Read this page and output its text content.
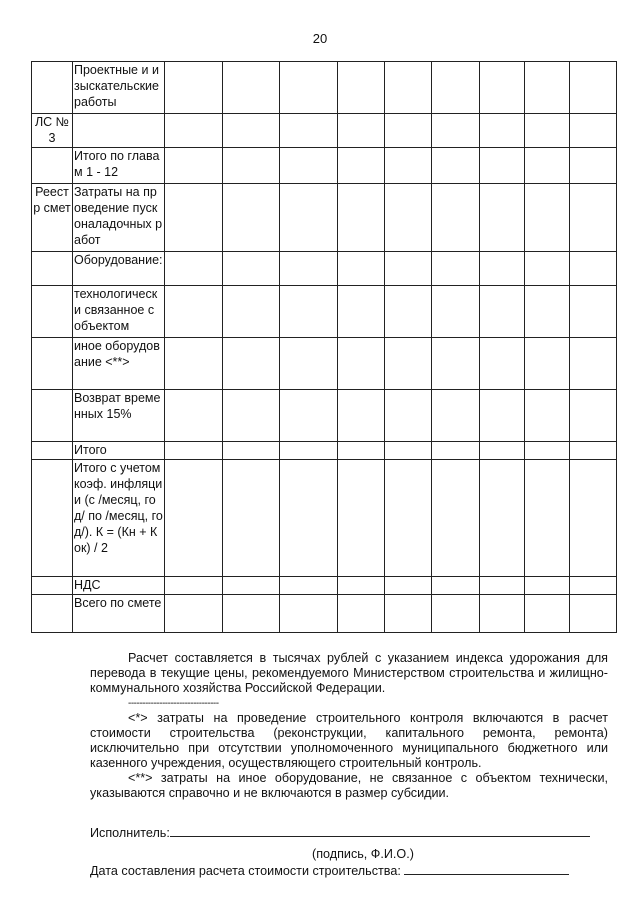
20
	Проектные и изыскательские работы									
ЛС № 3										
	Итого по главам 1 - 12									
Реестр смет	Затраты на проведение пусконаладочных работ									
	Оборудование:									
	технологически связанное с объектом									
	иное оборудование <**>									
	Возврат временных 15%									
	Итого									
	Итого с учетом коэф. инфляции (с /месяц, год/ по /месяц, год/). К = (Кн + Кок) / 2									
	НДС									
	Всего по смете									

Расчет составляется в тысячах рублей с указанием индекса удорожания для перевода в текущие цены, рекомендуемого Министерством строительства и жилищно-коммунального хозяйства Российской Федерации.

--------------------------------

<*> затраты на проведение строительного контроля включаются в расчет стоимости строительства (реконструкции, капитального ремонта, ремонта) исключительно при отсутствии уполномоченного муниципального бюджетного или казенного учреждения, осуществляющего строительный контроль.

<**> затраты на иное оборудование, не связанное с объектом технически, указываются справочно и не включаются в размер субсидии.

Исполнитель:
(подпись, Ф.И.О.)
Дата составления расчета стоимости строительства:
